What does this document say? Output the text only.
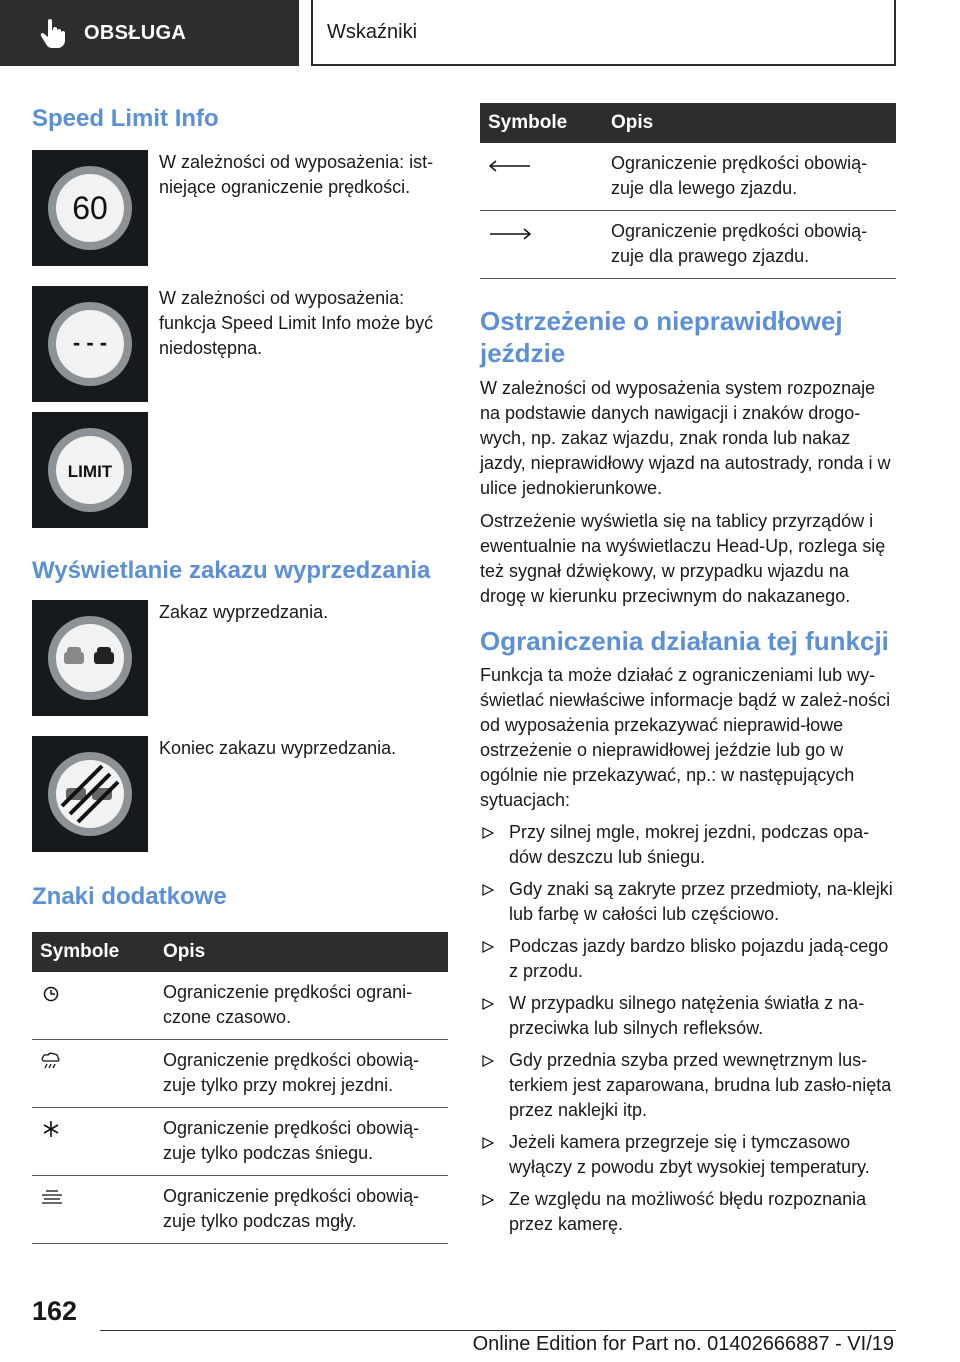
OBSŁUGA	Wskaźniki
Speed Limit Info
60
W zależności od wyposażenia: ist-niejące ograniczenie prędkości.
- - -
W zależności od wyposażenia: funkcja Speed Limit Info może być niedostępna.
LIMIT
Wyświetlanie zakazu wyprzedzania
Zakaz wyprzedzania.
Koniec zakazu wyprzedzania.
Znaki dodatkowe
Symbole	Opis
	Ograniczenie prędkości ograni-czone czasowo.
	Ograniczenie prędkości obowią-zuje tylko przy mokrej jezdni.
	Ograniczenie prędkości obowią-zuje tylko podczas śniegu.
	Ograniczenie prędkości obowią-zuje tylko podczas mgły.
Symbole	Opis
	Ograniczenie prędkości obowią-zuje dla lewego zjazdu.
	Ograniczenie prędkości obowią-zuje dla prawego zjazdu.
Ostrzeżenie o nieprawidłowej jeździe

W zależności od wyposażenia system rozpoznaje na podstawie danych nawigacji i znaków drogo-wych, np. zakaz wjazdu, znak ronda lub nakaz jazdy, nieprawidłowy wjazd na autostrady, ronda i w ulice jednokierunkowe.

Ostrzeżenie wyświetla się na tablicy przyrządów i ewentualnie na wyświetlaczu Head-Up, rozlega się też sygnał dźwiękowy, w przypadku wjazdu na drogę w kierunku przeciwnym do nakazanego.

Ograniczenia działania tej funkcji

Funkcja ta może działać z ograniczeniami lub wy-świetlać niewłaściwe informacje bądź w zależ-ności od wyposażenia przekazywać nieprawid-łowe ostrzeżenie o nieprawidłowej jeździe lub go w ogólnie nie przekazywać, np.: w następujących sytuacjach:

Przy silnej mgle, mokrej jezdni, podczas opa-dów deszczu lub śniegu.
Gdy znaki są zakryte przez przedmioty, na-klejki lub farbę w całości lub częściowo.
Podczas jazdy bardzo blisko pojazdu jadą-cego z przodu.
W przypadku silnego natężenia światła z na-przeciwka lub silnych refleksów.
Gdy przednia szyba przed wewnętrznym lus-terkiem jest zaparowana, brudna lub zasło-nięta przez naklejki itp.
Jeżeli kamera przegrzeje się i tymczasowo wyłączy z powodu zbyt wysokiej temperatury.
Ze względu na możliwość błędu rozpoznania przez kamerę.
162
Online Edition for Part no. 01402666887 - VI/19
